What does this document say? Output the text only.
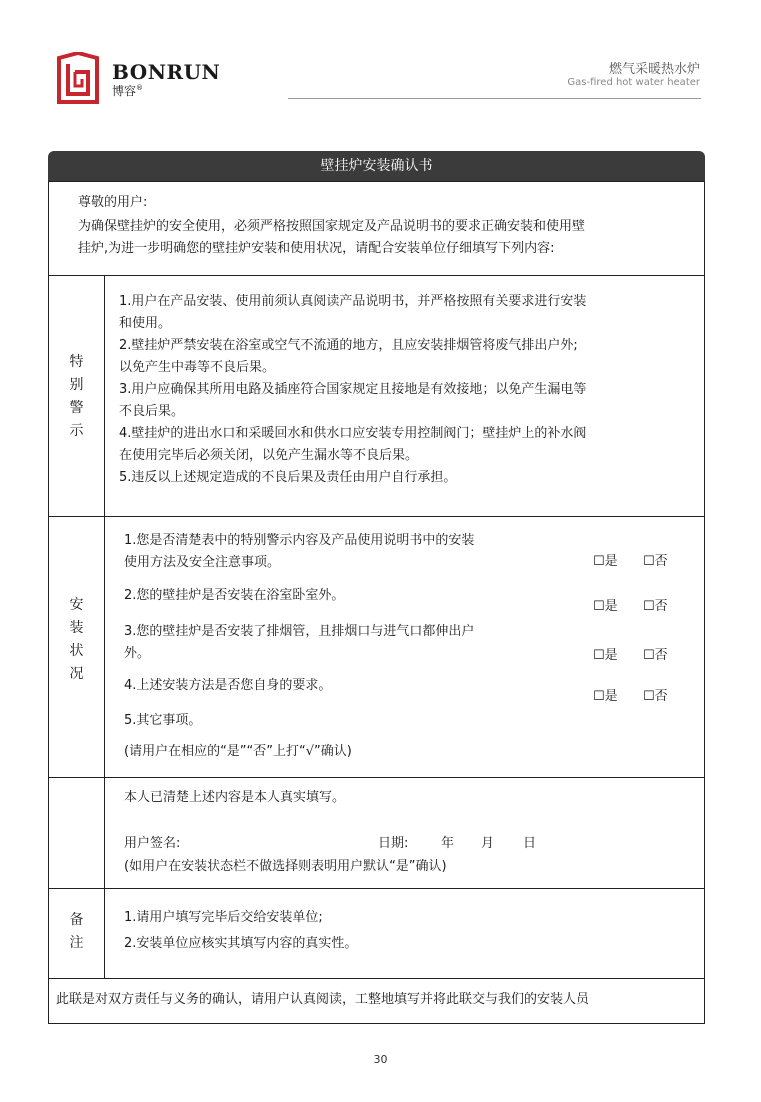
BONRUN
博容®
燃气采暖热水炉
Gas-fired hot water heater
壁挂炉安装确认书
尊敬的用户:
为确保壁挂炉的安全使用，必须严格按照国家规定及产品说明书的要求正确安装和使用壁
挂炉,为进一步明确您的壁挂炉安装和使用状况，请配合安装单位仔细填写下列内容:
特
别
警
示
1.用户在产品安装、使用前须认真阅读产品说明书，并严格按照有关要求进行安装
和使用。
2.壁挂炉严禁安装在浴室或空气不流通的地方，且应安装排烟管将废气排出户外;
以免产生中毒等不良后果。
3.用户应确保其所用电路及插座符合国家规定且接地是有效接地；以免产生漏电等
不良后果。
4.壁挂炉的进出水口和采暖回水和供水口应安装专用控制阀门；壁挂炉上的补水阀
在使用完毕后必须关闭，以免产生漏水等不良后果。
5.违反以上述规定造成的不良后果及责任由用户自行承担。
安
装
状
况
1.您是否清楚表中的特别警示内容及产品使用说明书中的安装
使用方法及安全注意事项。	☐是 ☐否
2.您的壁挂炉是否安装在浴室卧室外。
☐是 ☐否
3.您的壁挂炉是否安装了排烟管，且排烟口与进气口都伸出户
外。	☐是 ☐否
4.上述安装方法是否您自身的要求。
☐是 ☐否
5.其它事项。
(请用户在相应的“是”“否”上打“√”确认)
本人已清楚上述内容是本人真实填写。
用户签名:	日期:	年 月 日
(如用户在安装状态栏不做选择则表明用户默认“是”确认)
备
注
1.请用户填写完毕后交给安装单位;
2.安装单位应核实其填写内容的真实性。
此联是对双方责任与义务的确认，请用户认真阅读，工整地填写并将此联交与我们的安装人员
30
